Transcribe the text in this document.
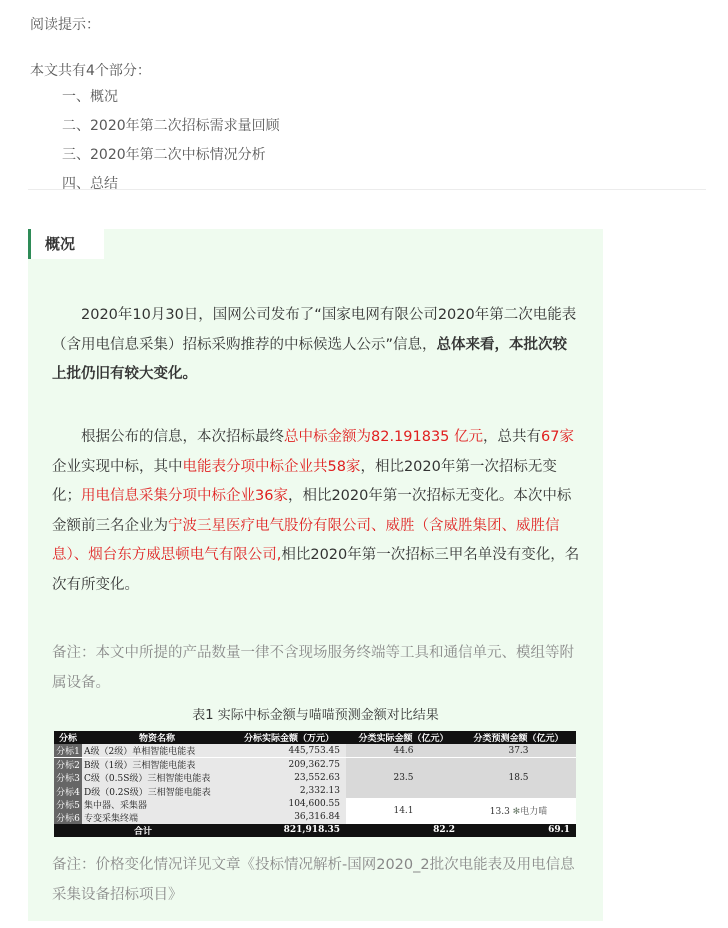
阅读提示：
本文共有4个部分：
一、概况
二、2020年第二次招标需求量回顾
三、2020年第二次中标情况分析
四、总结
概况

2020年10月30日，国网公司发布了“国家电网有限公司2020年第二次电能表（含用电信息采集）招标采购推荐的中标候选人公示”信息，总体来看，本批次较上批仍旧有较大变化。

根据公布的信息，本次招标最终总中标金额为82.191835 亿元，总共有67家企业实现中标，其中电能表分项中标企业共58家，相比2020年第一次招标无变化；用电信息采集分项中标企业36家，相比2020年第一次招标无变化。本次中标金额前三名企业为宁波三星医疗电气股份有限公司、威胜（含威胜集团、威胜信息）、烟台东方威思顿电气有限公司,相比2020年第一次招标三甲名单没有变化，名次有所变化。

备注：本文中所提的产品数量一律不含现场服务终端等工具和通信单元、模组等附属设备。

表1 实际中标金额与喵喵预测金额对比结果
分标	物资名称	分标实际金额（万元）	分类实际金额（亿元）	分类预测金额（亿元）
分标1	A级（2级）单相智能电能表	445,753.45	44.6	37.3
分标2	B级（1级）三相智能电能表	209,362.75	23.5	18.5
分标3	C级（0.5S级）三相智能电能表	23,552.63		
分标4	D级（0.2S级）三相智能电能表	2,332.13		
分标5	集中器、采集器	104,600.55	14.1	13.3 ✻电力喵
分标6	专变采集终端	36,316.84		
合计		821,918.35	82.2	69.1

备注：价格变化情况详见文章《投标情况解析-国网2020_2批次电能表及用电信息采集设备招标项目》
